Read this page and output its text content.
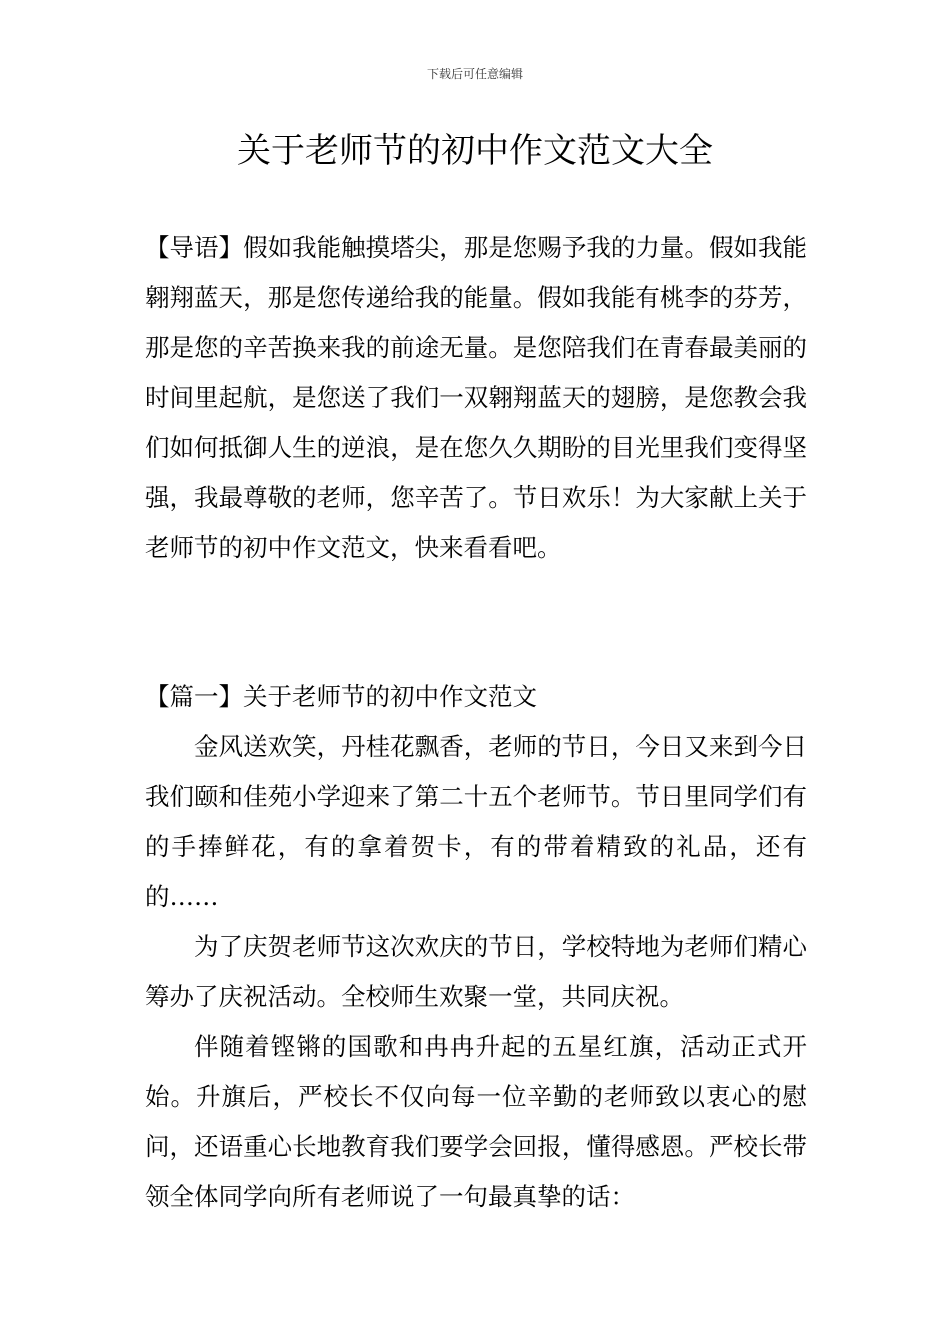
下载后可任意编辑
关于老师节的初中作文范文大全

【导语】假如我能触摸塔尖，那是您赐予我的力量。假如我能翱翔蓝天，那是您传递给我的能量。假如我能有桃李的芬芳，那是您的辛苦换来我的前途无量。是您陪我们在青春最美丽的时间里起航，是您送了我们一双翱翔蓝天的翅膀，是您教会我们如何抵御人生的逆浪，是在您久久期盼的目光里我们变得坚强，我最尊敬的老师，您辛苦了。节日欢乐！为大家献上关于老师节的初中作文范文，快来看看吧。

【篇一】关于老师节的初中作文范文

金风送欢笑，丹桂花飘香，老师的节日，今日又来到今日我们颐和佳苑小学迎来了第二十五个老师节。节日里同学们有的手捧鲜花，有的拿着贺卡，有的带着精致的礼品，还有的……

为了庆贺老师节这次欢庆的节日，学校特地为老师们精心筹办了庆祝活动。全校师生欢聚一堂，共同庆祝。

伴随着铿锵的国歌和冉冉升起的五星红旗，活动正式开始。升旗后，严校长不仅向每一位辛勤的老师致以衷心的慰问，还语重心长地教育我们要学会回报，懂得感恩。严校长带领全体同学向所有老师说了一句最真挚的话：
